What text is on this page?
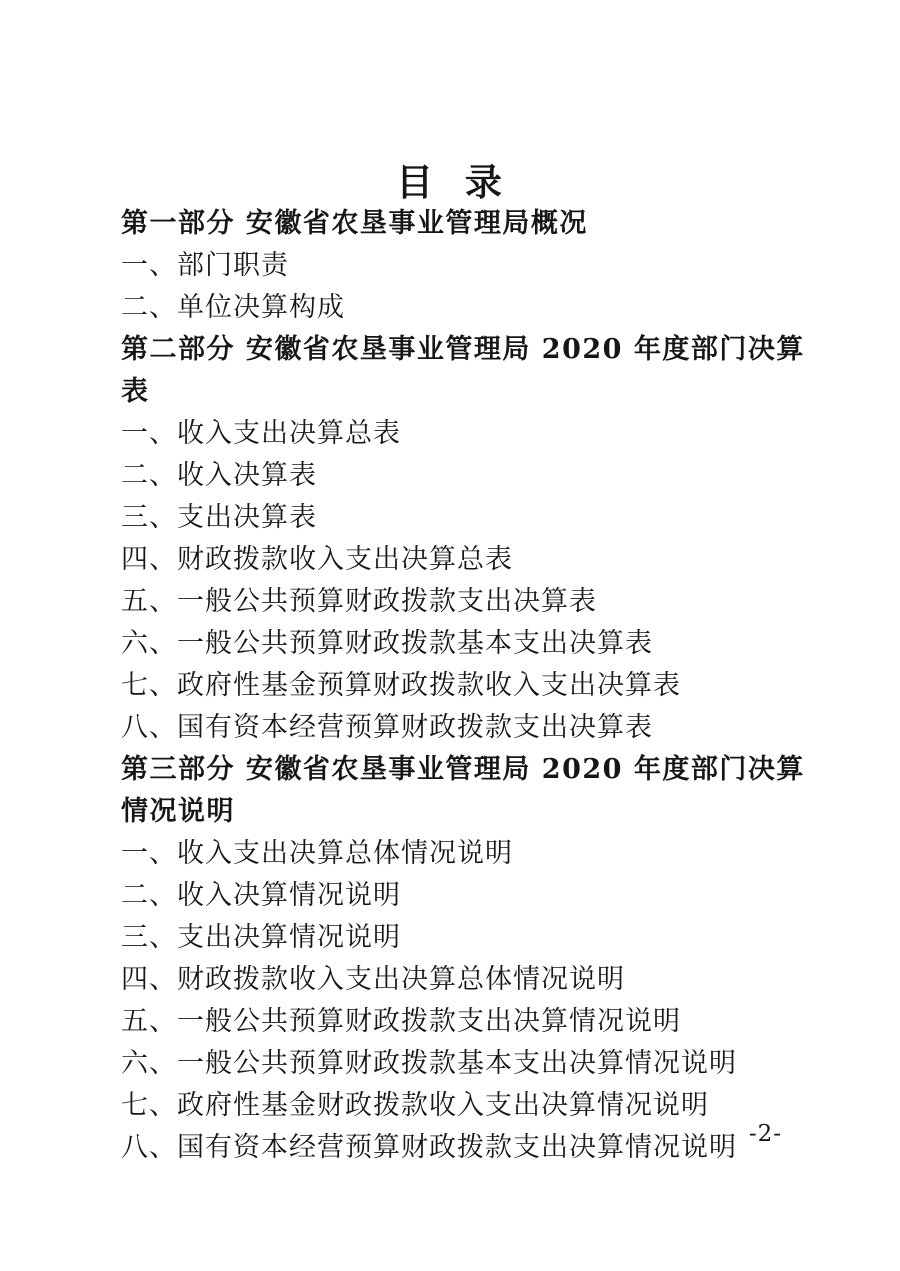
目  录
第一部分 安徽省农垦事业管理局概况
一、部门职责
二、单位决算构成
第二部分 安徽省农垦事业管理局 2020 年度部门决算表
一、收入支出决算总表
二、收入决算表
三、支出决算表
四、财政拨款收入支出决算总表
五、一般公共预算财政拨款支出决算表
六、一般公共预算财政拨款基本支出决算表
七、政府性基金预算财政拨款收入支出决算表
八、国有资本经营预算财政拨款支出决算表
第三部分 安徽省农垦事业管理局 2020 年度部门决算情况说明
一、收入支出决算总体情况说明
二、收入决算情况说明
三、支出决算情况说明
四、财政拨款收入支出决算总体情况说明
五、一般公共预算财政拨款支出决算情况说明
六、一般公共预算财政拨款基本支出决算情况说明
七、政府性基金财政拨款收入支出决算情况说明
八、国有资本经营预算财政拨款支出决算情况说明 -2-
